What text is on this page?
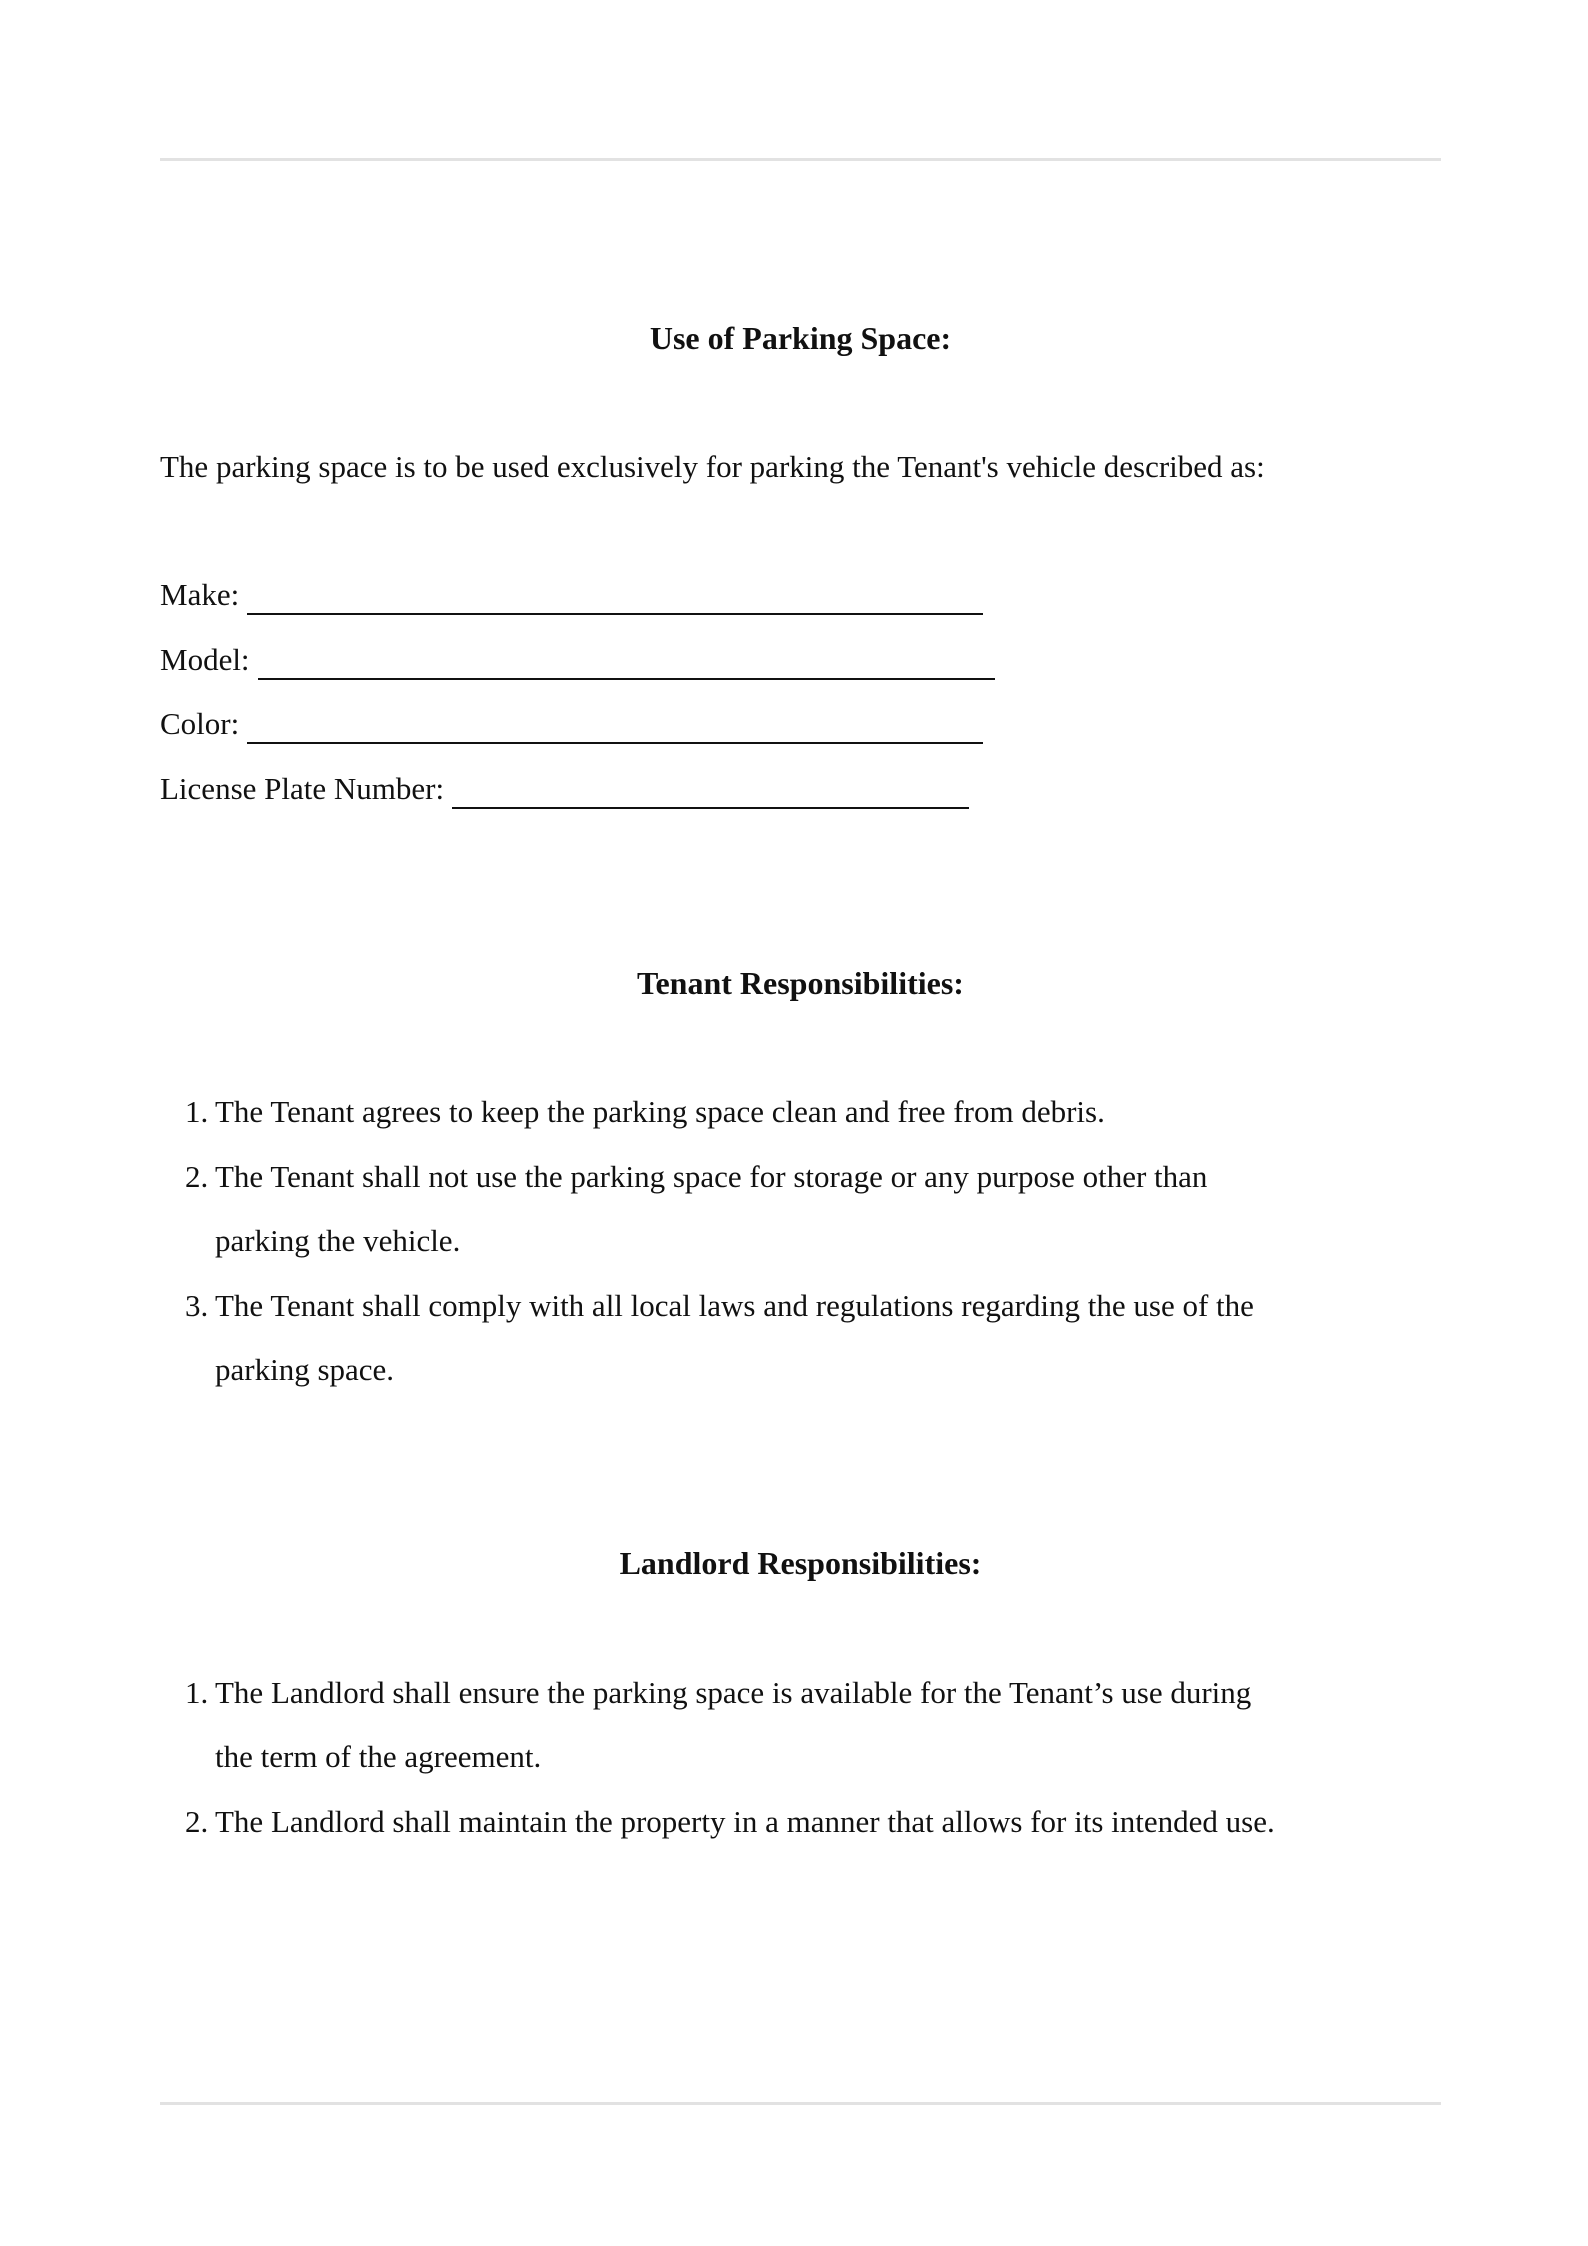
Use of Parking Space:
The parking space is to be used exclusively for parking the Tenant's vehicle described as:
Make:
Model:
Color:
License Plate Number:
Tenant Responsibilities:
1. The Tenant agrees to keep the parking space clean and free from debris.
2. The Tenant shall not use the parking space for storage or any purpose other than
parking the vehicle.
3. The Tenant shall comply with all local laws and regulations regarding the use of the
parking space.
Landlord Responsibilities:
1. The Landlord shall ensure the parking space is available for the Tenant’s use during
the term of the agreement.
2. The Landlord shall maintain the property in a manner that allows for its intended use.
